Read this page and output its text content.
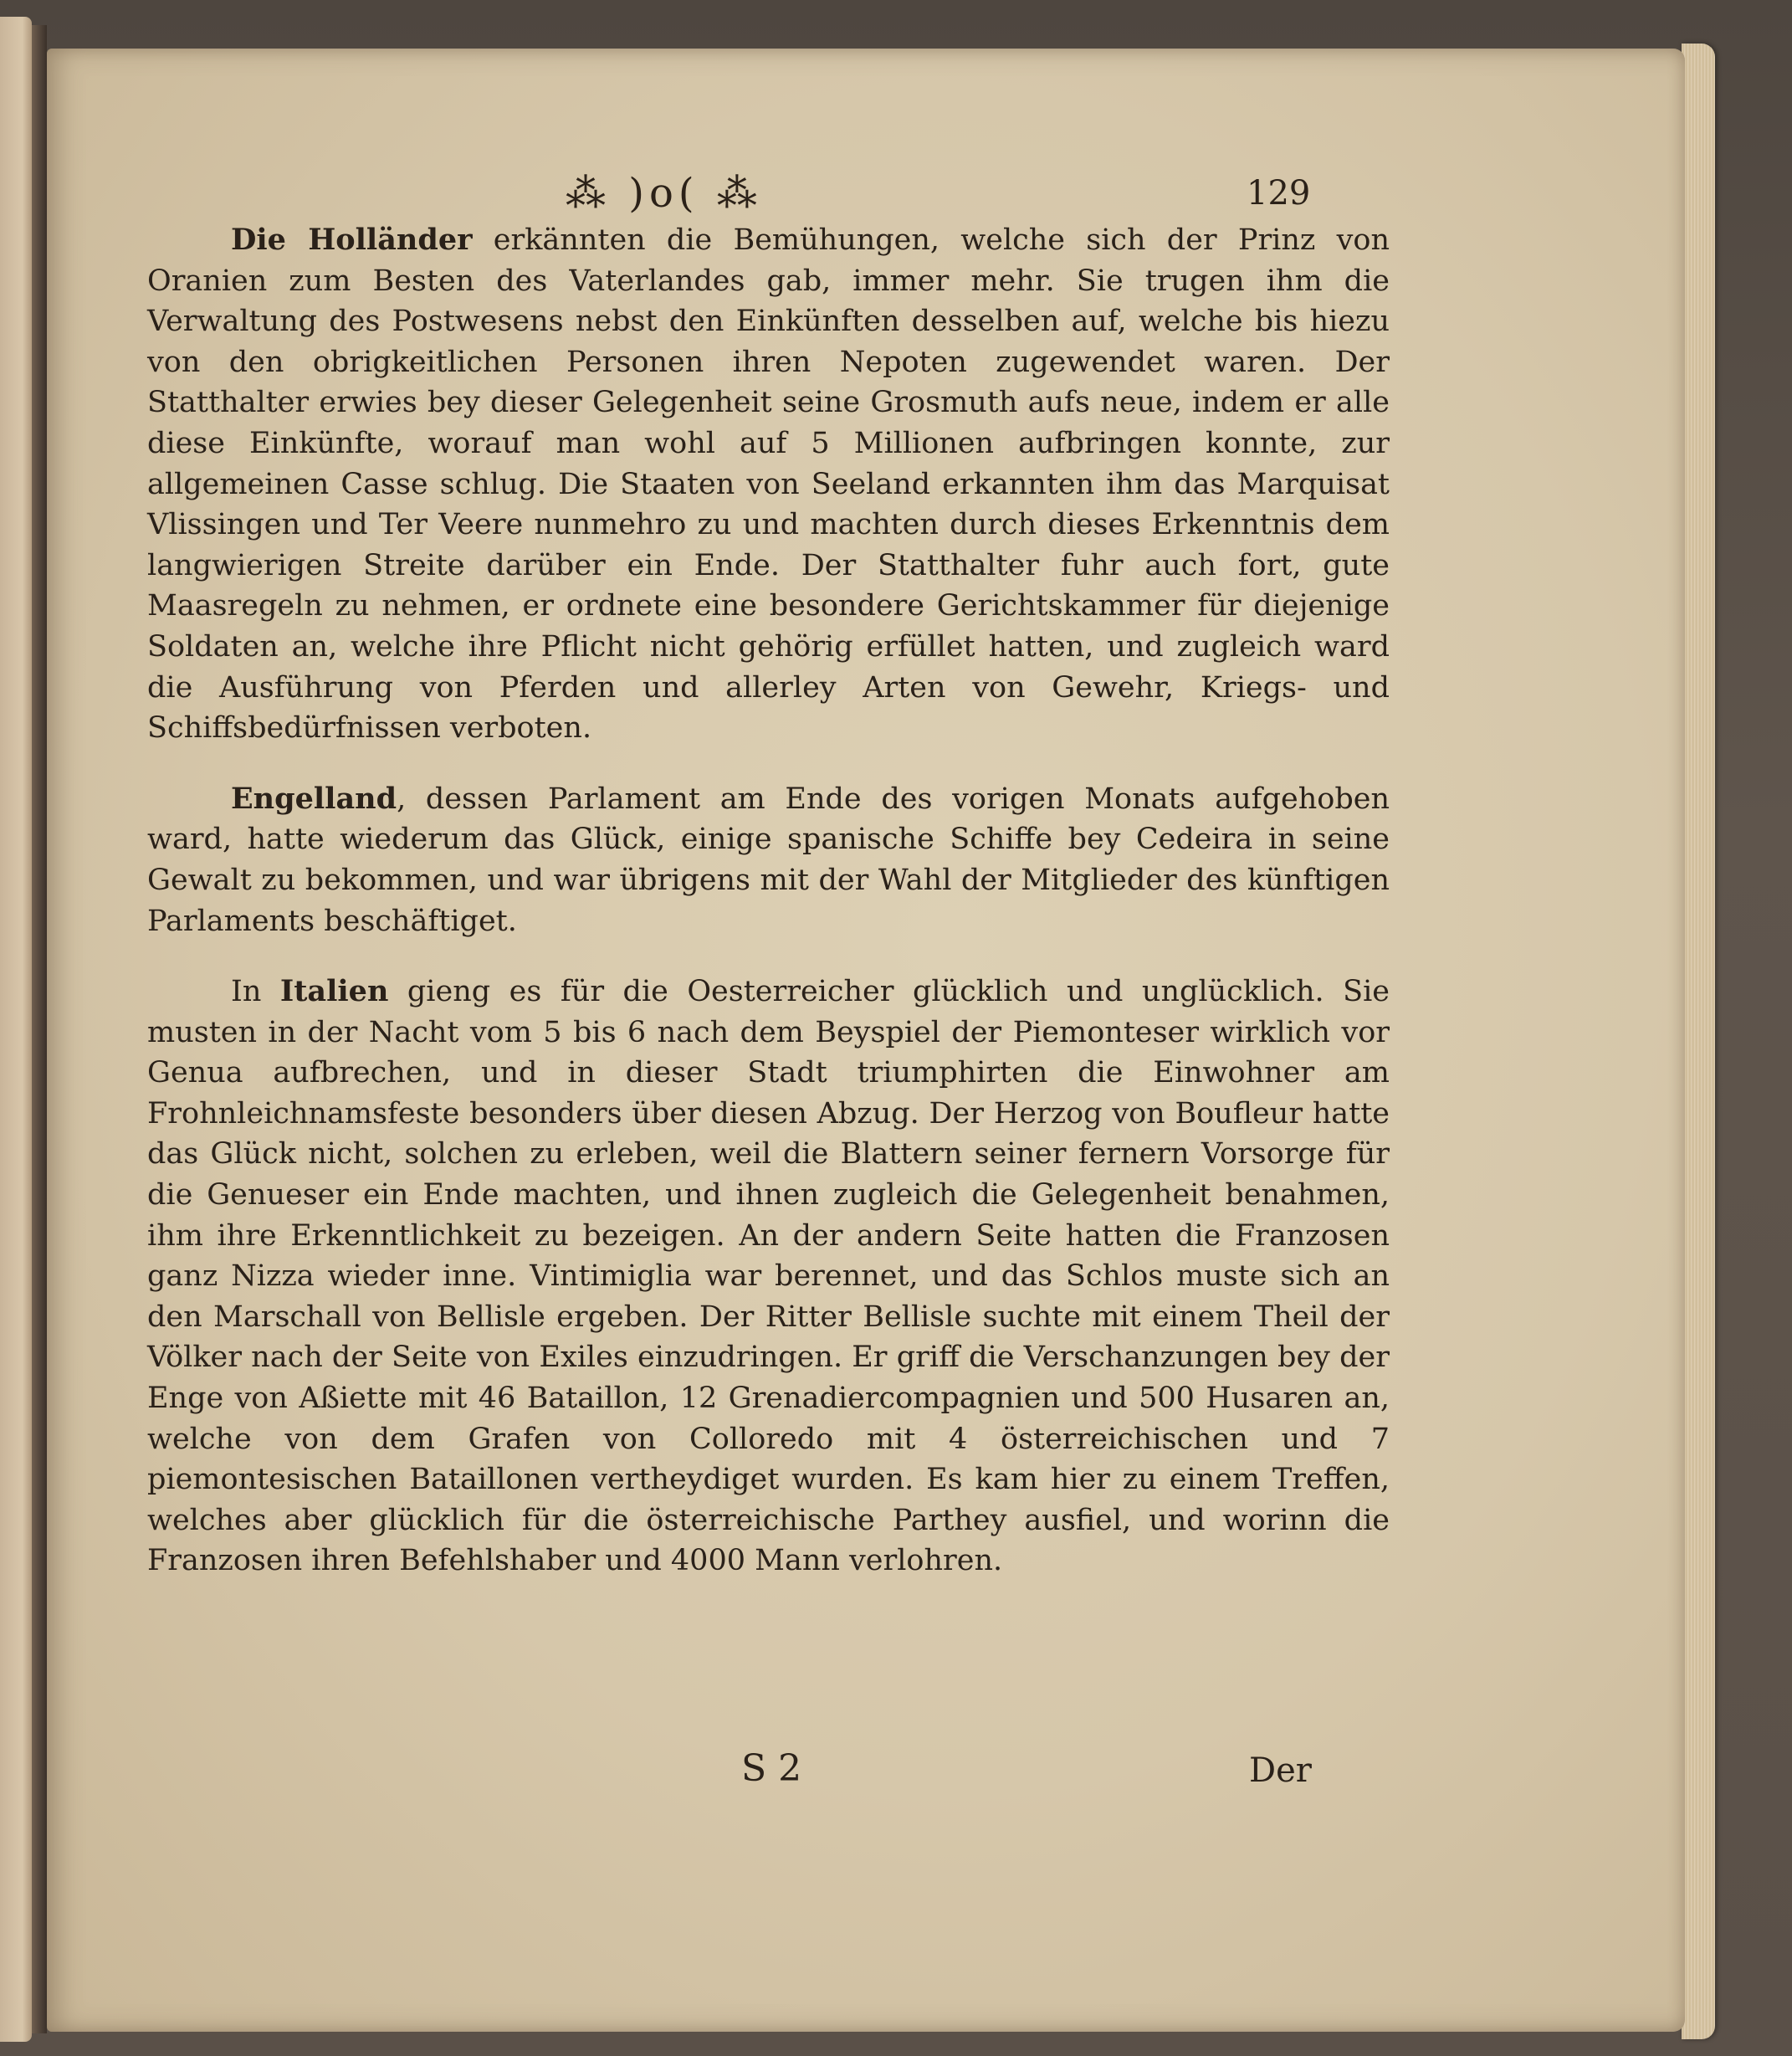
⁂ )o( ⁂	129

Die Holländer erkännten die Bemühungen, welche sich der Prinz von Oranien zum Besten des Vaterlandes gab, immer mehr. Sie trugen ihm die Verwaltung des Postwesens nebst den Einkünften desselben auf, welche bis hiezu von den obrigkeitlichen Personen ihren Nepoten zugewendet waren. Der Statthalter erwies bey dieser Gelegenheit seine Grosmuth aufs neue, indem er alle diese Einkünfte, worauf man wohl auf 5 Millionen aufbringen konnte, zur allgemeinen Casse schlug. Die Staaten von Seeland erkannten ihm das Marquisat Vlissingen und Ter Veere nunmehro zu und machten durch dieses Erkenntnis dem langwierigen Streite darüber ein Ende. Der Statthalter fuhr auch fort, gute Maasregeln zu nehmen, er ordnete eine besondere Gerichtskammer für diejenige Soldaten an, welche ihre Pflicht nicht gehörig erfüllet hatten, und zugleich ward die Ausführung von Pferden und allerley Arten von Gewehr, Kriegs- und Schiffsbedürfnissen verboten.

Engelland, dessen Parlament am Ende des vorigen Monats aufgehoben ward, hatte wiederum das Glück, einige spanische Schiffe bey Cedeira in seine Gewalt zu bekommen, und war übrigens mit der Wahl der Mitglieder des künftigen Parlaments beschäftiget.

In Italien gieng es für die Oesterreicher glücklich und unglücklich. Sie musten in der Nacht vom 5 bis 6 nach dem Beyspiel der Piemonteser wirklich vor Genua aufbrechen, und in dieser Stadt triumphirten die Einwohner am Frohnleichnamsfeste besonders über diesen Abzug. Der Herzog von Boufleur hatte das Glück nicht, solchen zu erleben, weil die Blattern seiner fernern Vorsorge für die Genueser ein Ende machten, und ihnen zugleich die Gelegenheit benahmen, ihm ihre Erkenntlichkeit zu bezeigen. An der andern Seite hatten die Franzosen ganz Nizza wieder inne. Vintimiglia war berennet, und das Schlos muste sich an den Marschall von Bellisle ergeben. Der Ritter Bellisle suchte mit einem Theil der Völker nach der Seite von Exiles einzudringen. Er griff die Verschanzungen bey der Enge von Aßiette mit 46 Bataillon, 12 Grenadiercompagnien und 500 Husaren an, welche von dem Grafen von Colloredo mit 4 österreichischen und 7 piemontesischen Bataillonen vertheydiget wurden. Es kam hier zu einem Treffen, welches aber glücklich für die österreichische Parthey ausfiel, und worinn die Franzosen ihren Befehlshaber und 4000 Mann verlohren.

S 2	Der
